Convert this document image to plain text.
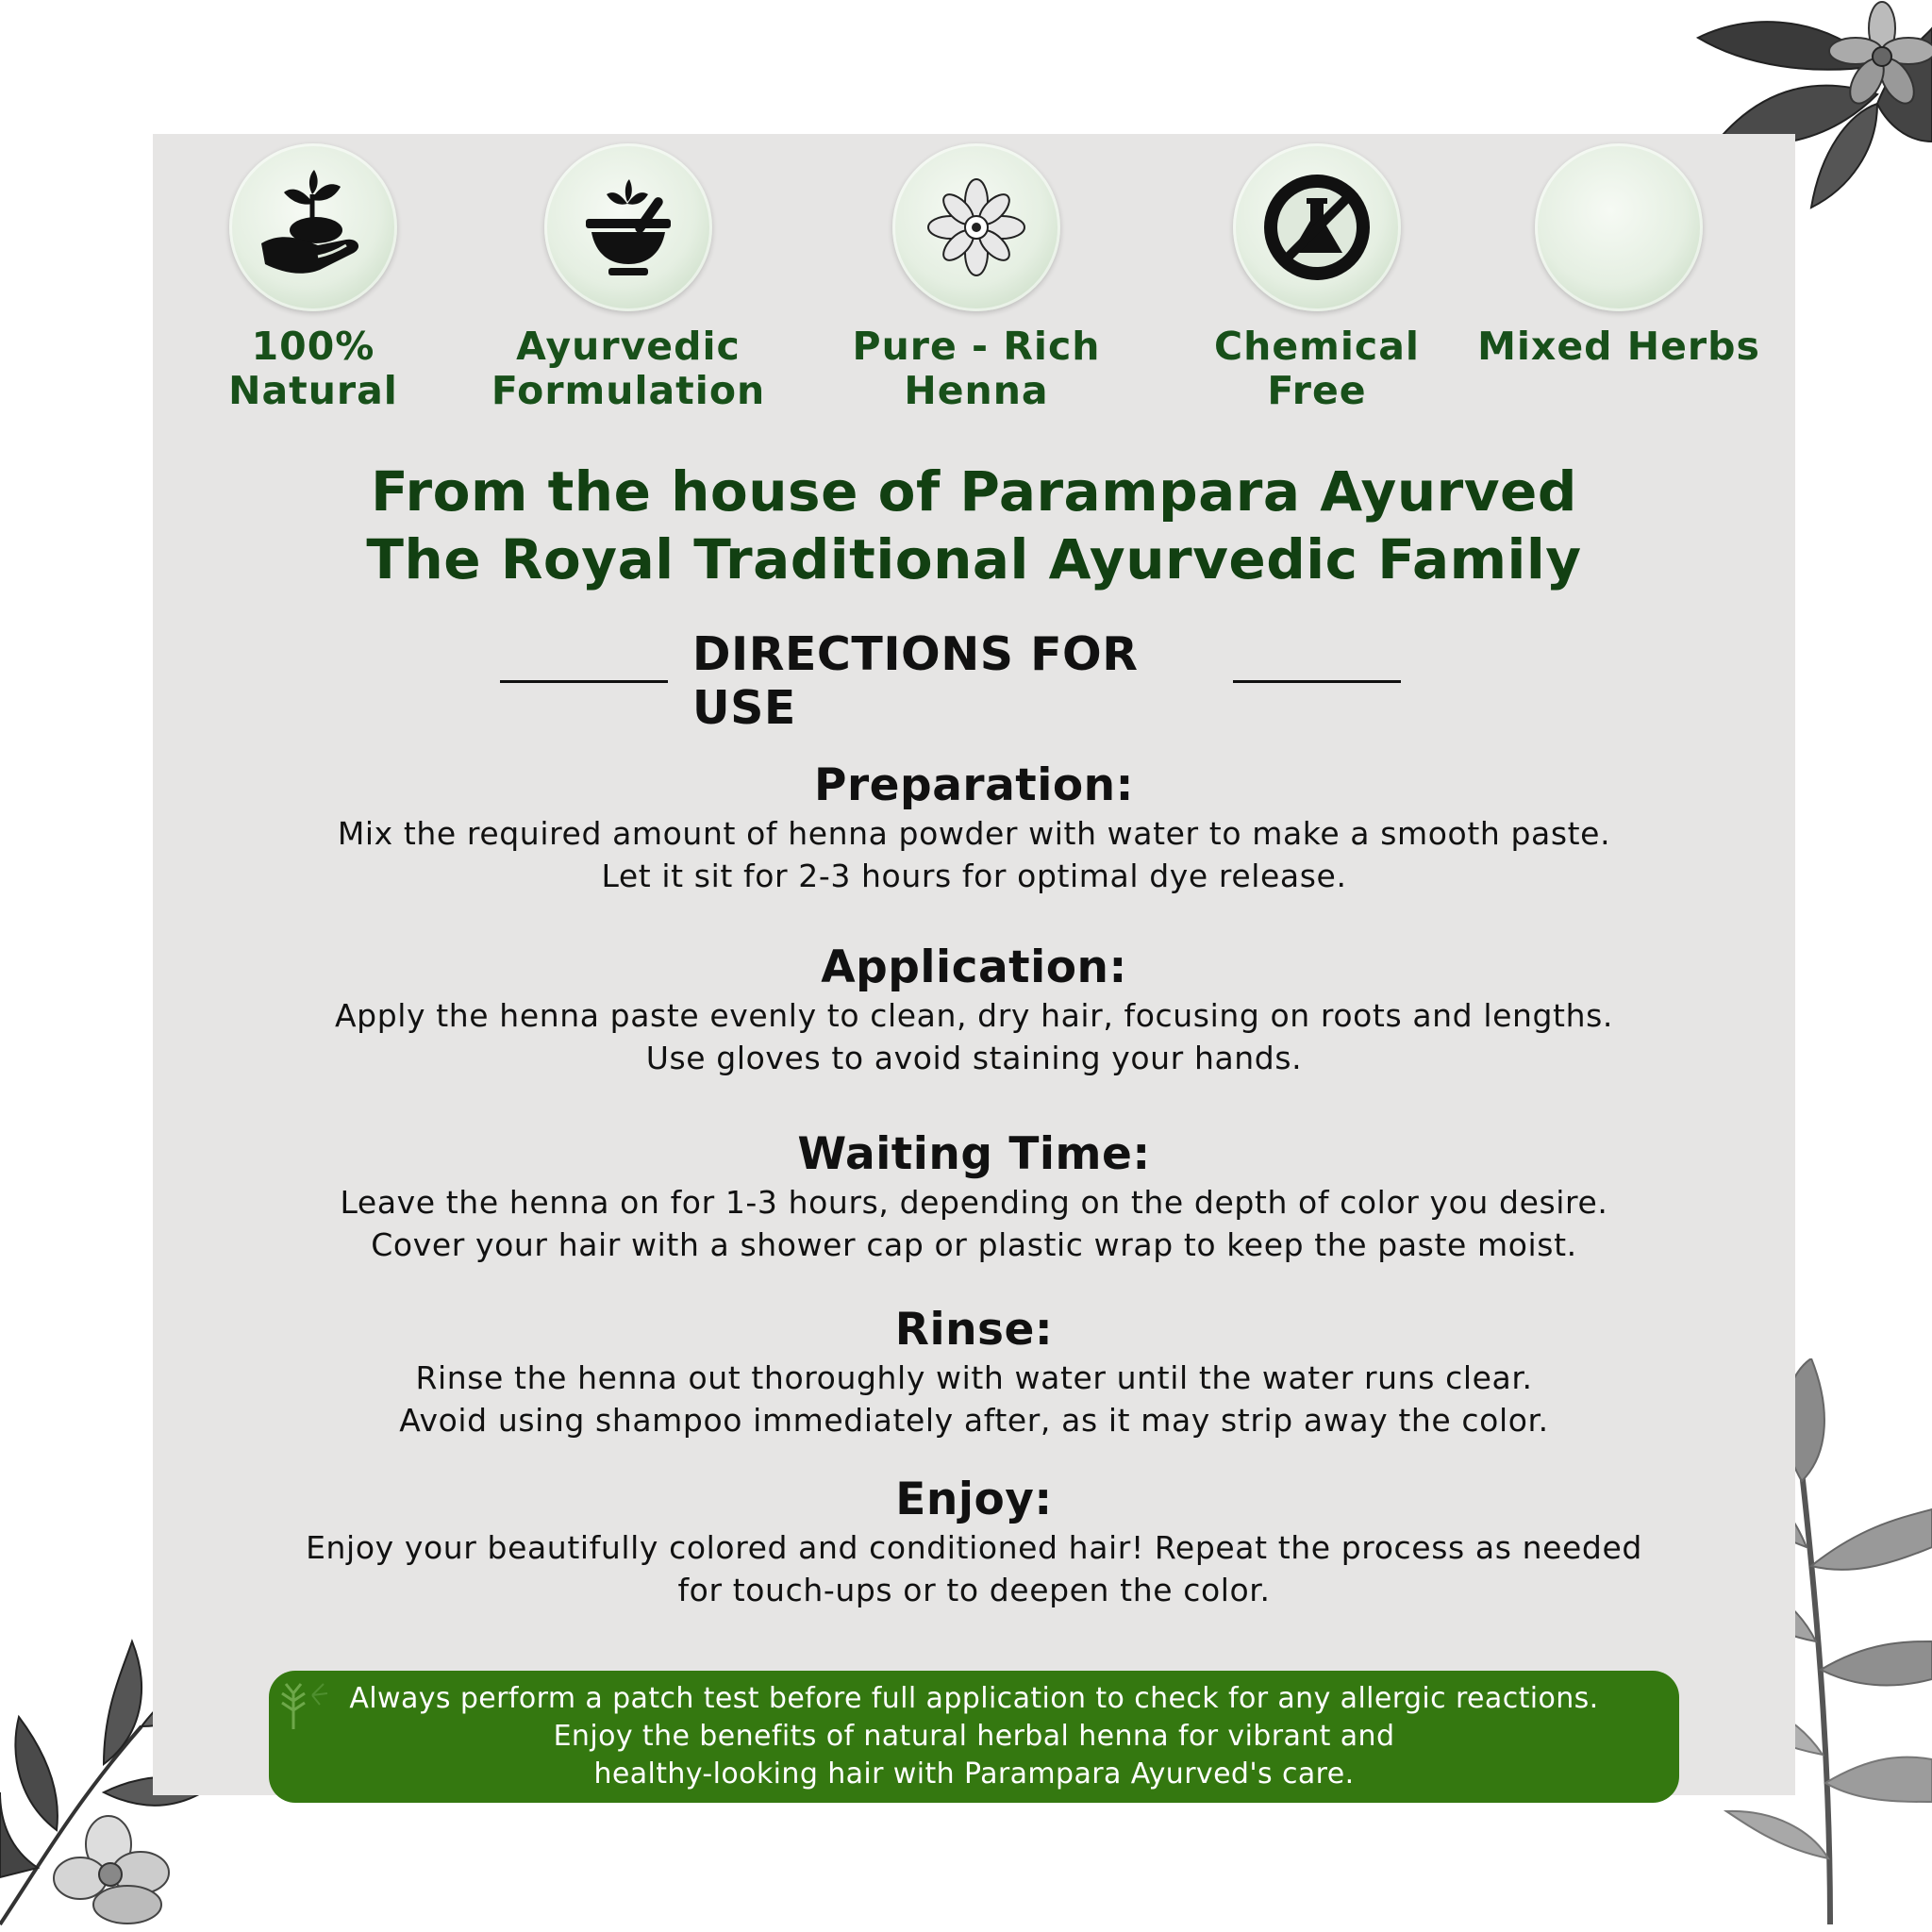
100%
Natural
Ayurvedic
Formulation
Pure - Rich
Henna
Chemical
Free
Mixed Herbs
From the house of Parampara Ayurved
The Royal Traditional Ayurvedic Family
DIRECTIONS FOR USE
Preparation:

Mix the required amount of henna powder with water to make a smooth paste.
Let it sit for 2-3 hours for optimal dye release.

Application:

Apply the henna paste evenly to clean, dry hair, focusing on roots and lengths.
Use gloves to avoid staining your hands.

Waiting Time:

Leave the henna on for 1-3 hours, depending on the depth of color you desire.
Cover your hair with a shower cap or plastic wrap to keep the paste moist.

Rinse:

Rinse the henna out thoroughly with water until the water runs clear.
Avoid using shampoo immediately after, as it may strip away the color.

Enjoy:

Enjoy your beautifully colored and conditioned hair! Repeat the process as needed
for touch-ups or to deepen the color.

Always perform a patch test before full application to check for any allergic reactions.
Enjoy the benefits of natural herbal henna for vibrant and
healthy-looking hair with Parampara Ayurved's care.
